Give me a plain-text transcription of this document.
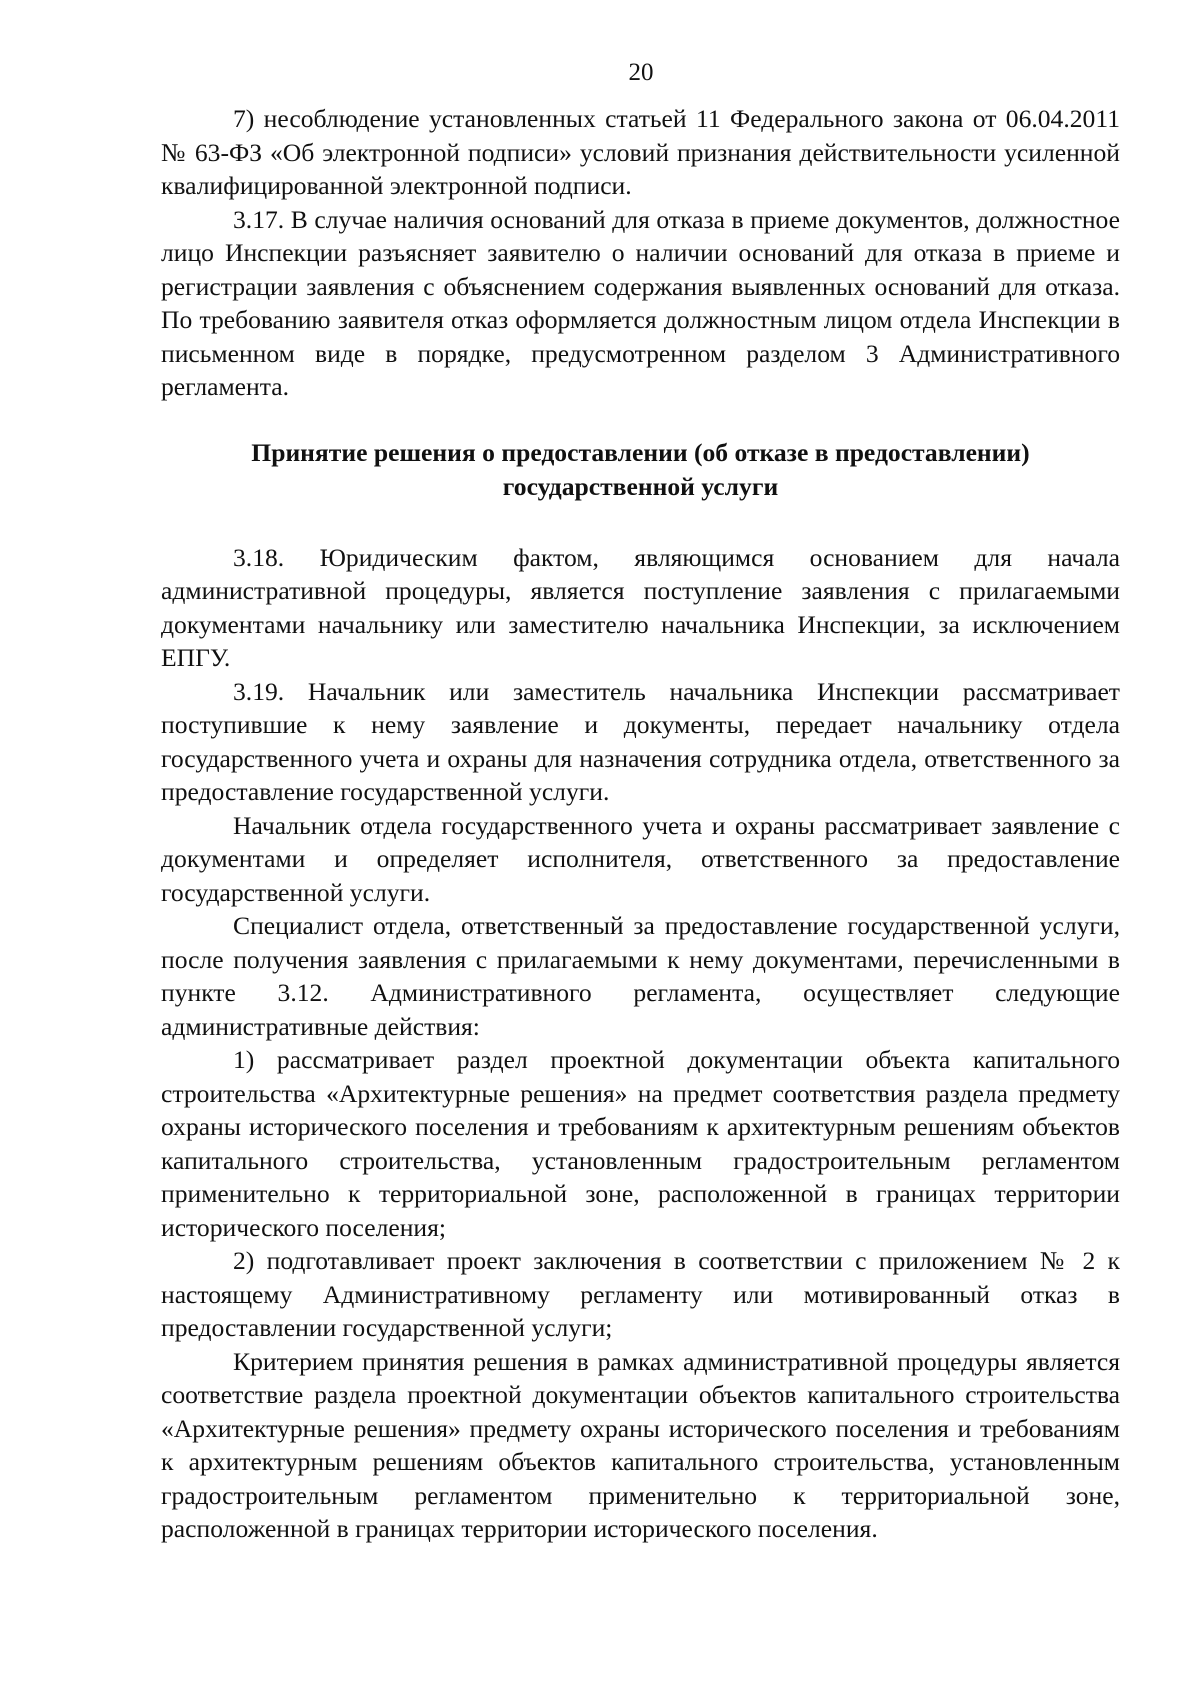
20

7) несоблюдение установленных статьей 11 Федерального закона от 06.04.2011 № 63-ФЗ «Об электронной подписи» условий признания действительности усиленной квалифицированной электронной подписи.

3.17. В случае наличия оснований для отказа в приеме документов, должностное лицо Инспекции разъясняет заявителю о наличии оснований для отказа в приеме и регистрации заявления с объяснением содержания выявленных оснований для отказа. По требованию заявителя отказ оформляется должностным лицом отдела Инспекции в письменном виде в порядке, предусмотренном разделом 3 Административного регламента.

Принятие решения о предоставлении (об отказе в предоставлении)
государственной услуги

3.18. Юридическим фактом, являющимся основанием для начала административной процедуры, является поступление заявления с прилагаемыми документами начальнику или заместителю начальника Инспекции, за исключением ЕПГУ.

3.19. Начальник или заместитель начальника Инспекции рассматривает поступившие к нему заявление и документы, передает начальнику отдела государственного учета и охраны для назначения сотрудника отдела, ответственного за предоставление государственной услуги.

Начальник отдела государственного учета и охраны рассматривает заявление с документами и определяет исполнителя, ответственного за предоставление государственной услуги.

Специалист отдела, ответственный за предоставление государственной услуги, после получения заявления с прилагаемыми к нему документами, перечисленными в пункте 3.12. Административного регламента, осуществляет следующие административные действия:

1) рассматривает раздел проектной документации объекта капитального строительства «Архитектурные решения» на предмет соответствия раздела предмету охраны исторического поселения и требованиям к архитектурным решениям объектов капитального строительства, установленным градостроительным регламентом применительно к территориальной зоне, расположенной в границах территории исторического поселения;

2) подготавливает проект заключения в соответствии с приложением № 2 к настоящему Административному регламенту или мотивированный отказ в предоставлении государственной услуги;

Критерием принятия решения в рамках административной процедуры является соответствие раздела проектной документации объектов капитального строительства «Архитектурные решения» предмету охраны исторического поселения и требованиям к архитектурным решениям объектов капитального строительства, установленным градостроительным регламентом применительно к территориальной зоне, расположенной в границах территории исторического поселения.
